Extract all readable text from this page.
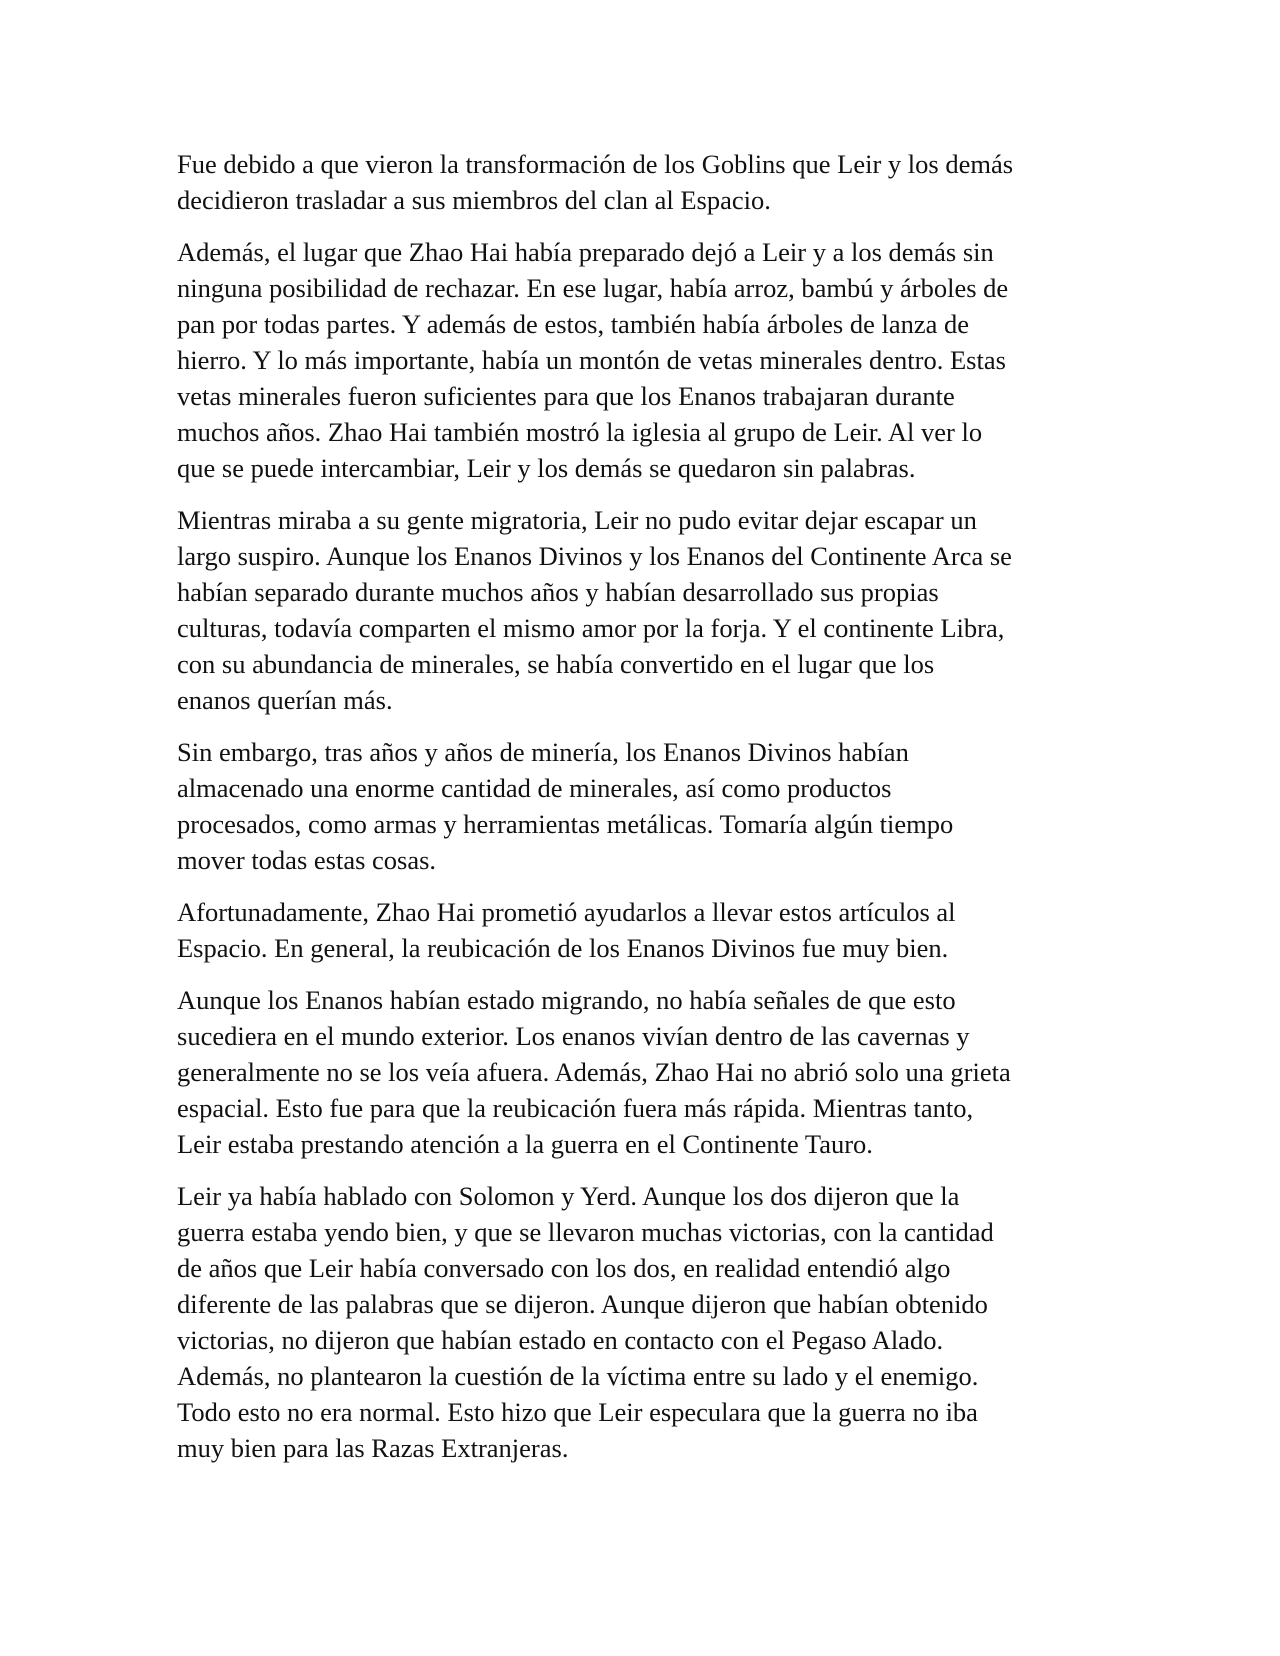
Fue debido a que vieron la transformación de los Goblins que Leir y los demás
decidieron trasladar a sus miembros del clan al Espacio.

Además, el lugar que Zhao Hai había preparado dejó a Leir y a los demás sin
ninguna posibilidad de rechazar. En ese lugar, había arroz, bambú y árboles de
pan por todas partes. Y además de estos, también había árboles de lanza de
hierro. Y lo más importante, había un montón de vetas minerales dentro. Estas
vetas minerales fueron suficientes para que los Enanos trabajaran durante
muchos años. Zhao Hai también mostró la iglesia al grupo de Leir. Al ver lo
que se puede intercambiar, Leir y los demás se quedaron sin palabras.

Mientras miraba a su gente migratoria, Leir no pudo evitar dejar escapar un
largo suspiro. Aunque los Enanos Divinos y los Enanos del Continente Arca se
habían separado durante muchos años y habían desarrollado sus propias
culturas, todavía comparten el mismo amor por la forja. Y el continente Libra,
con su abundancia de minerales, se había convertido en el lugar que los
enanos querían más.

Sin embargo, tras años y años de minería, los Enanos Divinos habían
almacenado una enorme cantidad de minerales, así como productos
procesados, como armas y herramientas metálicas. Tomaría algún tiempo
mover todas estas cosas.

Afortunadamente, Zhao Hai prometió ayudarlos a llevar estos artículos al
Espacio. En general, la reubicación de los Enanos Divinos fue muy bien.

Aunque los Enanos habían estado migrando, no había señales de que esto
sucediera en el mundo exterior. Los enanos vivían dentro de las cavernas y
generalmente no se los veía afuera. Además, Zhao Hai no abrió solo una grieta
espacial. Esto fue para que la reubicación fuera más rápida. Mientras tanto,
Leir estaba prestando atención a la guerra en el Continente Tauro.

Leir ya había hablado con Solomon y Yerd. Aunque los dos dijeron que la
guerra estaba yendo bien, y que se llevaron muchas victorias, con la cantidad
de años que Leir había conversado con los dos, en realidad entendió algo
diferente de las palabras que se dijeron. Aunque dijeron que habían obtenido
victorias, no dijeron que habían estado en contacto con el Pegaso Alado.
Además, no plantearon la cuestión de la víctima entre su lado y el enemigo.
Todo esto no era normal. Esto hizo que Leir especulara que la guerra no iba
muy bien para las Razas Extranjeras.
